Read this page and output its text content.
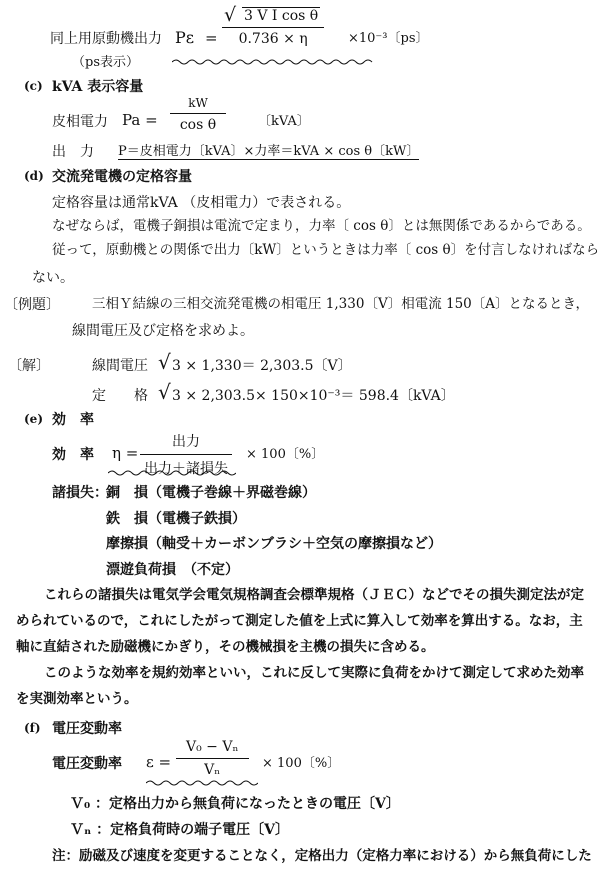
同上用原動機出力 Pε =
√ 3 V I cos θ
0.736 × η	×10⁻³〔ps〕
（ps表示）
(c) kVA 表示容量
皮相電力 Pa =
kW
cos θ	〔kVA〕
出　力 P＝皮相電力〔kVA〕×力率＝kVA × cos θ〔kW〕
(d) 交流発電機の定格容量
定格容量は通常kVA （皮相電力）で表される。
なぜならば，電機子銅損は電流で定まり，力率〔 cos θ〕とは無関係であるからである。
従って，原動機との関係で出力〔kW〕というときは力率〔 cos θ〕を付言しなければなら
ない。
〔例題〕 三相Ｙ結線の三相交流発電機の相電圧 1,330〔V〕相電流 150〔A〕となるとき，
線間電圧及び定格を求めよ。
〔解〕	線間電圧 √ 3 × 1,330＝ 2,303.5〔V〕
定　　格 √ 3 × 2,303.5× 150×10⁻³＝ 598.4〔kVA〕
(e) 効　率
効　率 η =
出力
出力＋諸損失
× 100〔%〕
諸損失：
銅　損（電機子巻線＋界磁巻線）
鉄　損（電機子鉄損）
摩擦損（軸受＋カーボンブラシ＋空気の摩擦損など）
漂遊負荷損　（不定）
これらの諸損失は電気学会電気規格調査会標準規格（ＪＥＣ）などでその損失測定法が定められているので，これにしたがって測定した値を上式に算入して効率を算出する。なお，主軸に直結された励磁機にかぎり，その機械損を主機の損失に含める。
このような効率を規約効率といい，これに反して実際に負荷をかけて測定して求めた効率を実測効率という。
(f) 電圧変動率
電圧変動率 ε =
V₀ − Vₙ
Vₙ	× 100〔%〕
Ｖ₀ ：定格出力から無負荷になったときの電圧〔V〕
Ｖₙ ：定格負荷時の端子電圧〔V〕
注：励磁及び速度を変更することなく，定格出力（定格力率における）から無負荷にした
